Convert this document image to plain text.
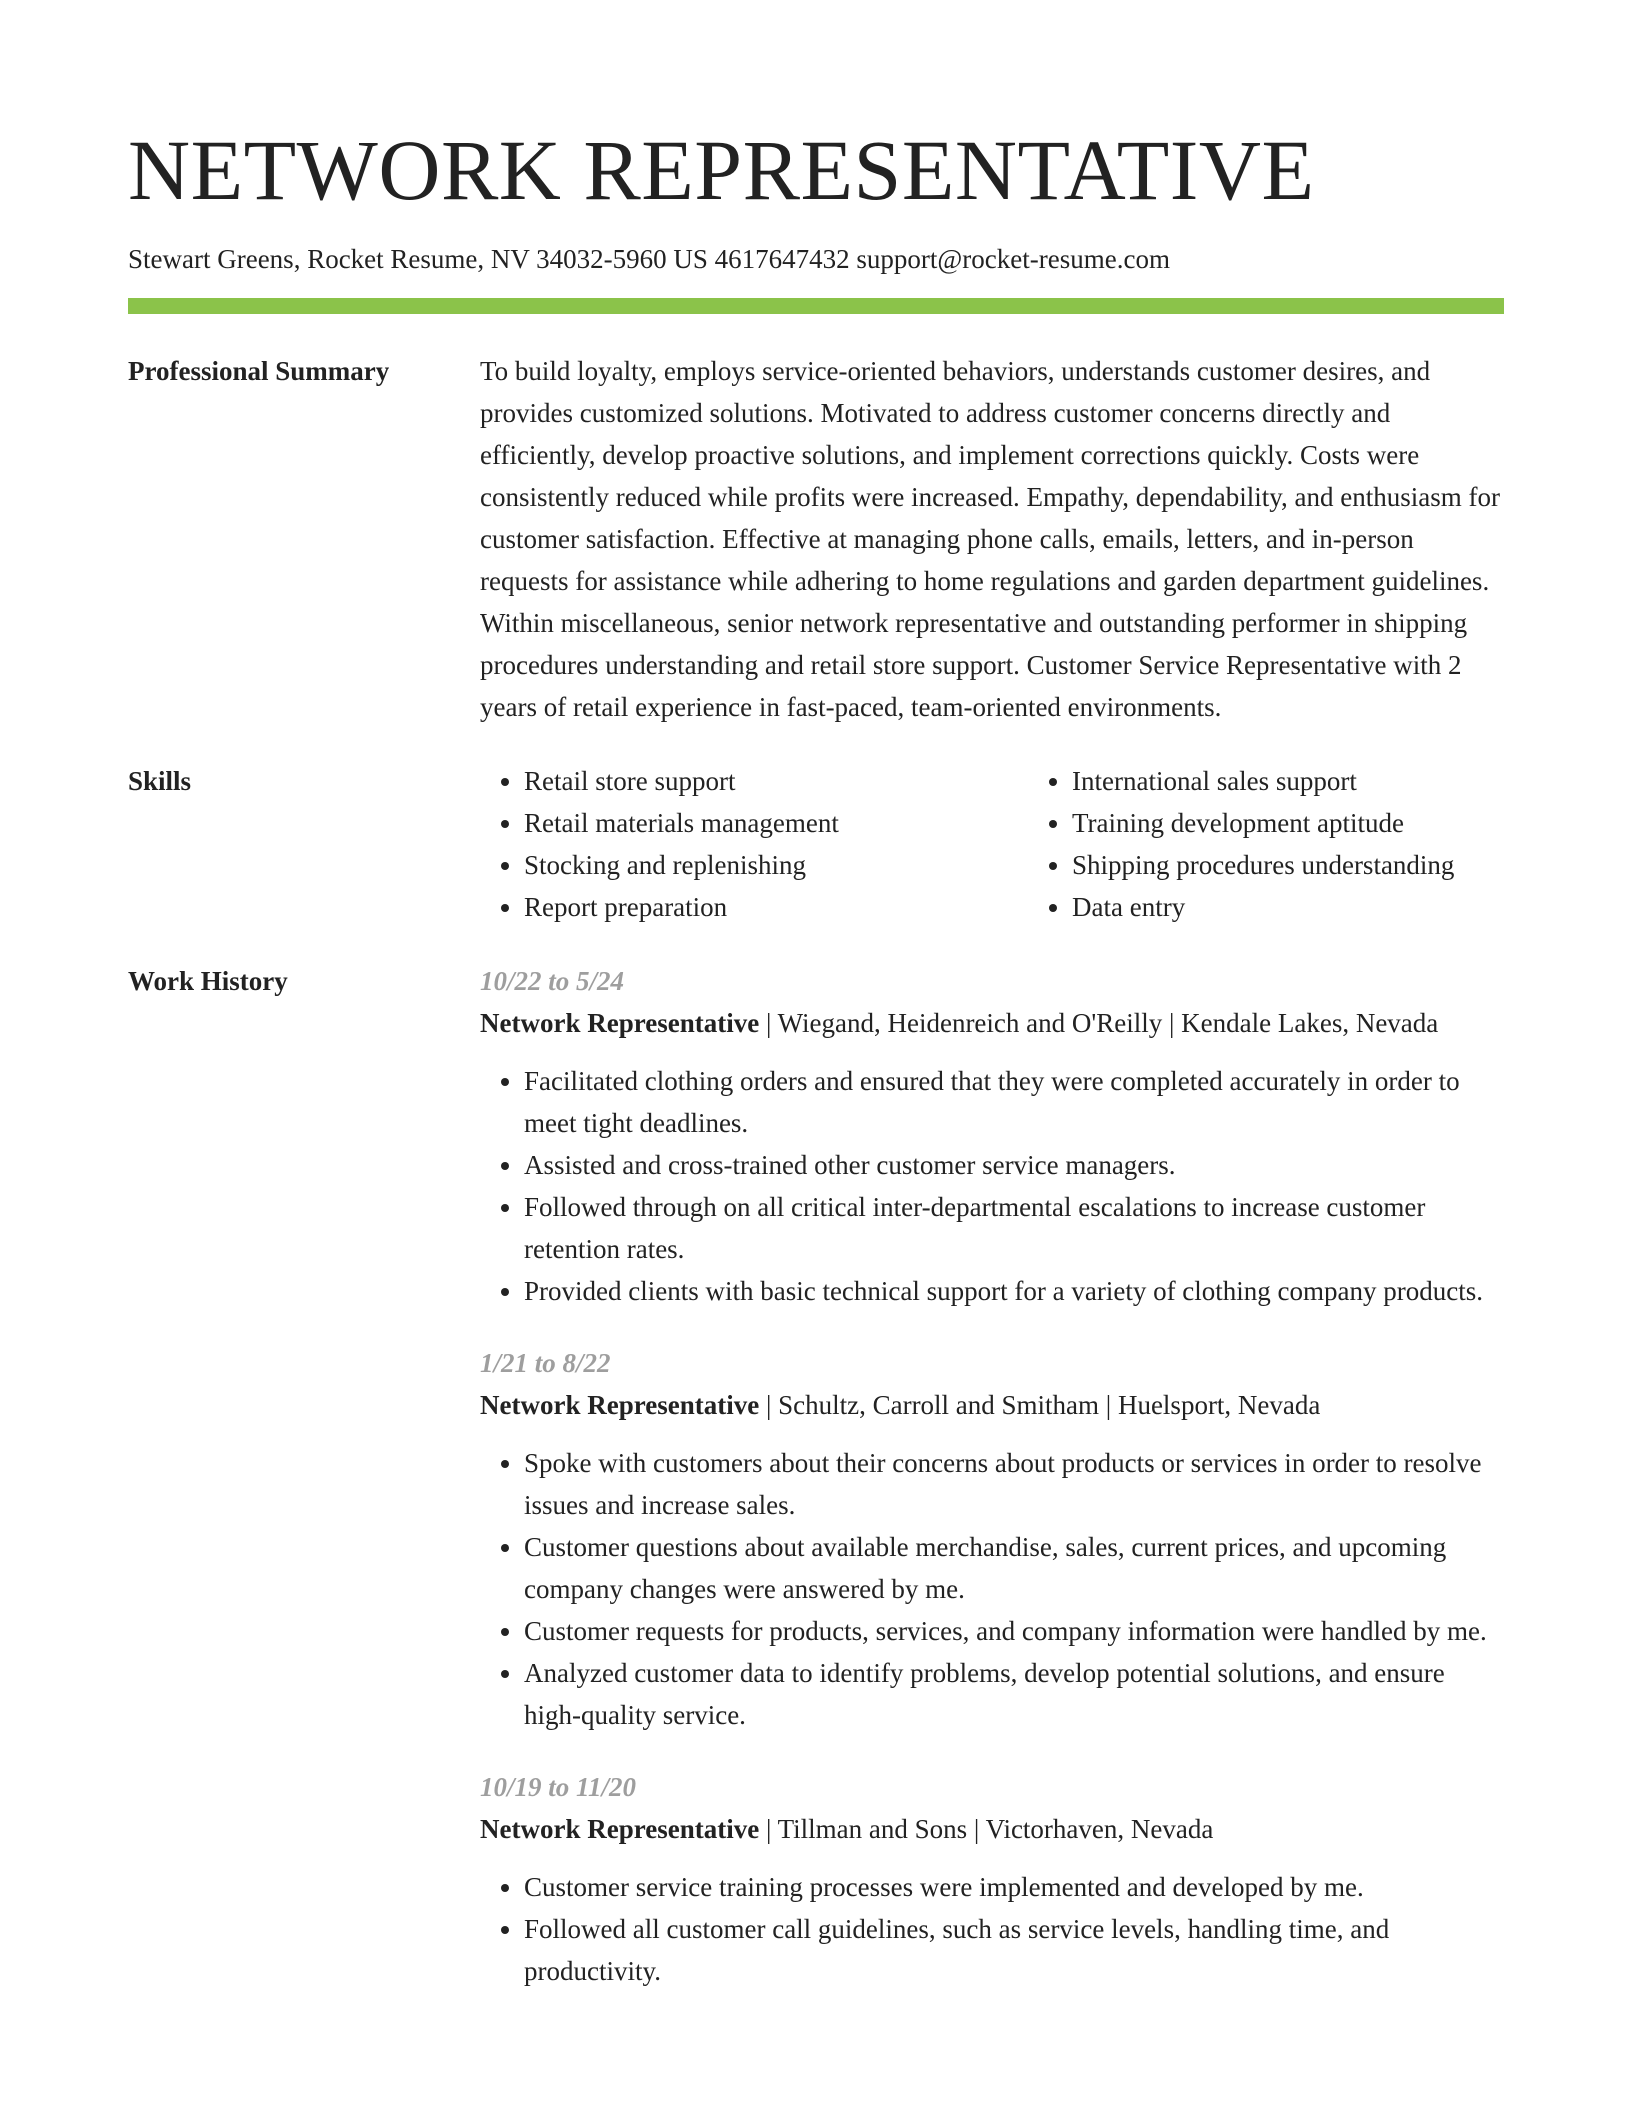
NETWORK REPRESENTATIVE
Stewart Greens, Rocket Resume, NV 34032-5960 US 4617647432 support@rocket-resume.com
Professional Summary	To build loyalty, employs service-oriented behaviors, understands customer desires, and provides customized solutions. Motivated to address customer concerns directly and efficiently, develop proactive solutions, and implement corrections quickly. Costs were consistently reduced while profits were increased. Empathy, dependability, and enthusiasm for customer satisfaction. Effective at managing phone calls, emails, letters, and in-person requests for assistance while adhering to home regulations and garden department guidelines. Within miscellaneous, senior network representative and outstanding performer in shipping procedures understanding and retail store support. Customer Service Representative with 2 years of retail experience in fast-paced, team-oriented environments.

Skills
•	Retail store support
• Retail materials management
• Stocking and replenishing
• Report preparation
• International sales support
• Training development aptitude
• Shipping procedures understanding
• Data entry
Work History	10/22 to 5/24
Network Representative | Wiegand, Heidenreich and O'Reilly | Kendale Lakes, Nevada
• Facilitated clothing orders and ensured that they were completed accurately in order to meet tight deadlines.
• Assisted and cross-trained other customer service managers.
• Followed through on all critical inter-departmental escalations to increase customer retention rates.
• Provided clients with basic technical support for a variety of clothing company products.
1/21 to 8/22
Network Representative | Schultz, Carroll and Smitham | Huelsport, Nevada
• Spoke with customers about their concerns about products or services in order to resolve issues and increase sales.
• Customer questions about available merchandise, sales, current prices, and upcoming company changes were answered by me.
• Customer requests for products, services, and company information were handled by me.
• Analyzed customer data to identify problems, develop potential solutions, and ensure high-quality service.
10/19 to 11/20
Network Representative | Tillman and Sons | Victorhaven, Nevada
• Customer service training processes were implemented and developed by me.
• Followed all customer call guidelines, such as service levels, handling time, and productivity.
